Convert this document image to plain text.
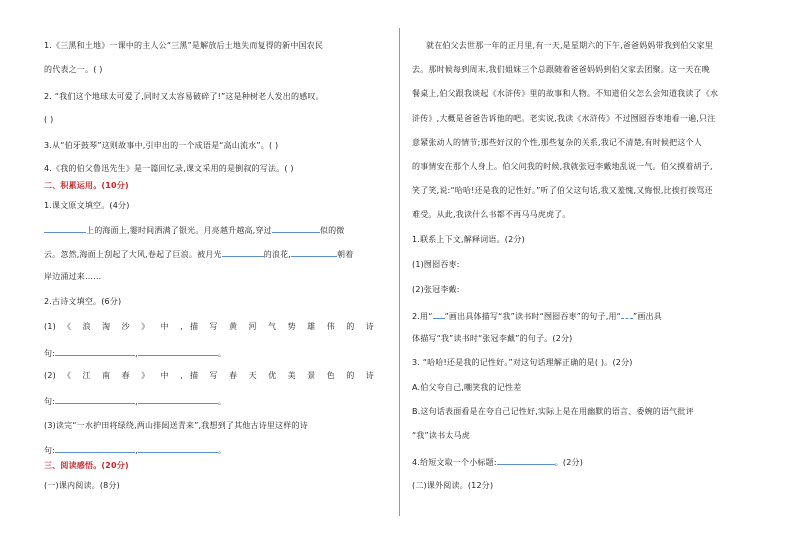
1.《三黑和土地》一课中的主人公“三黑”是解放后土地失而复得的新中国农民
的代表之一。( )
2. “我们这个地球太可爱了,同时又太容易破碎了!”这是种树老人发出的感叹。
( )
3.从“伯牙鼓琴”这则故事中,引申出的一个成语是“高山流水”。( )
4.《我的伯父鲁迅先生》是一篇回忆录,课文采用的是倒叙的写法。( )
二、积累运用。(10分)
1.课文原文填空。(4分)
上的海面上,霎时间洒满了银光。月亮越升越高,穿过	似的微
云。忽然,海面上刮起了大风,卷起了巨浪。被月光	的浪花,	朝着
岸边涌过来……
2.古诗文填空。(6分)
(1) 《 浪 淘 沙 》 中 , 描 写 黄 河 气 势 雄 伟 的 诗
句:	,	。
(2) 《 江 南 春 》 中 , 描 写 春 天 优 美 景 色 的 诗
句:	,	。
(3)读完“一水护田将绿绕,两山排闼送青来”,我想到了其他古诗里这样的诗
句:	,	。
三、阅读感悟。(20分)
(一)课内阅读。(8分)
就在伯父去世那一年的正月里,有一天,是星期六的下午,爸爸妈妈带我到伯父家里
去。那时候每到周末,我们姐妹三个总跟随着爸爸妈妈到伯父家去团聚。这一天在晚
餐桌上,伯父跟我谈起《水浒传》里的故事和人物。不知道伯父怎么会知道我读了《水
浒传》,大概是爸爸告诉他的吧。老实说,我读《水浒传》不过囫囵吞枣地看一遍,只注
意紧张动人的情节;那些好汉的个性,那些复杂的关系,我记不清楚,有时候把这个人
的事情安在那个人身上。伯父问我的时候,我就张冠李戴地乱说一气。伯父摸着胡子,
笑了笑,说:“哈哈!还是我的记性好。”听了伯父这句话,我又羞愧,又悔恨,比挨打挨骂还
难受。从此,我读什么书都不再马马虎虎了。
1.联系上下文,解释词语。(2分)
(1)囫囵吞枣:
(2)张冠李戴:
2.用“ ”画出具体描写“我”读书时“囫囵吞枣”的句子,用“ ”画出具
体描写“我”读书时“张冠李戴”的句子。(2分)
3. “哈哈!还是我的记性好。”对这句话理解正确的是( )。(2分)
A.伯父夸自己,嘲笑我的记性差
B.这句话表面看是在夸自己记性好,实际上是在用幽默的语言、委婉的语气批评
“我”读书太马虎
4.给短文取一个小标题:	。(2分)
(二)课外阅读。(12分)
